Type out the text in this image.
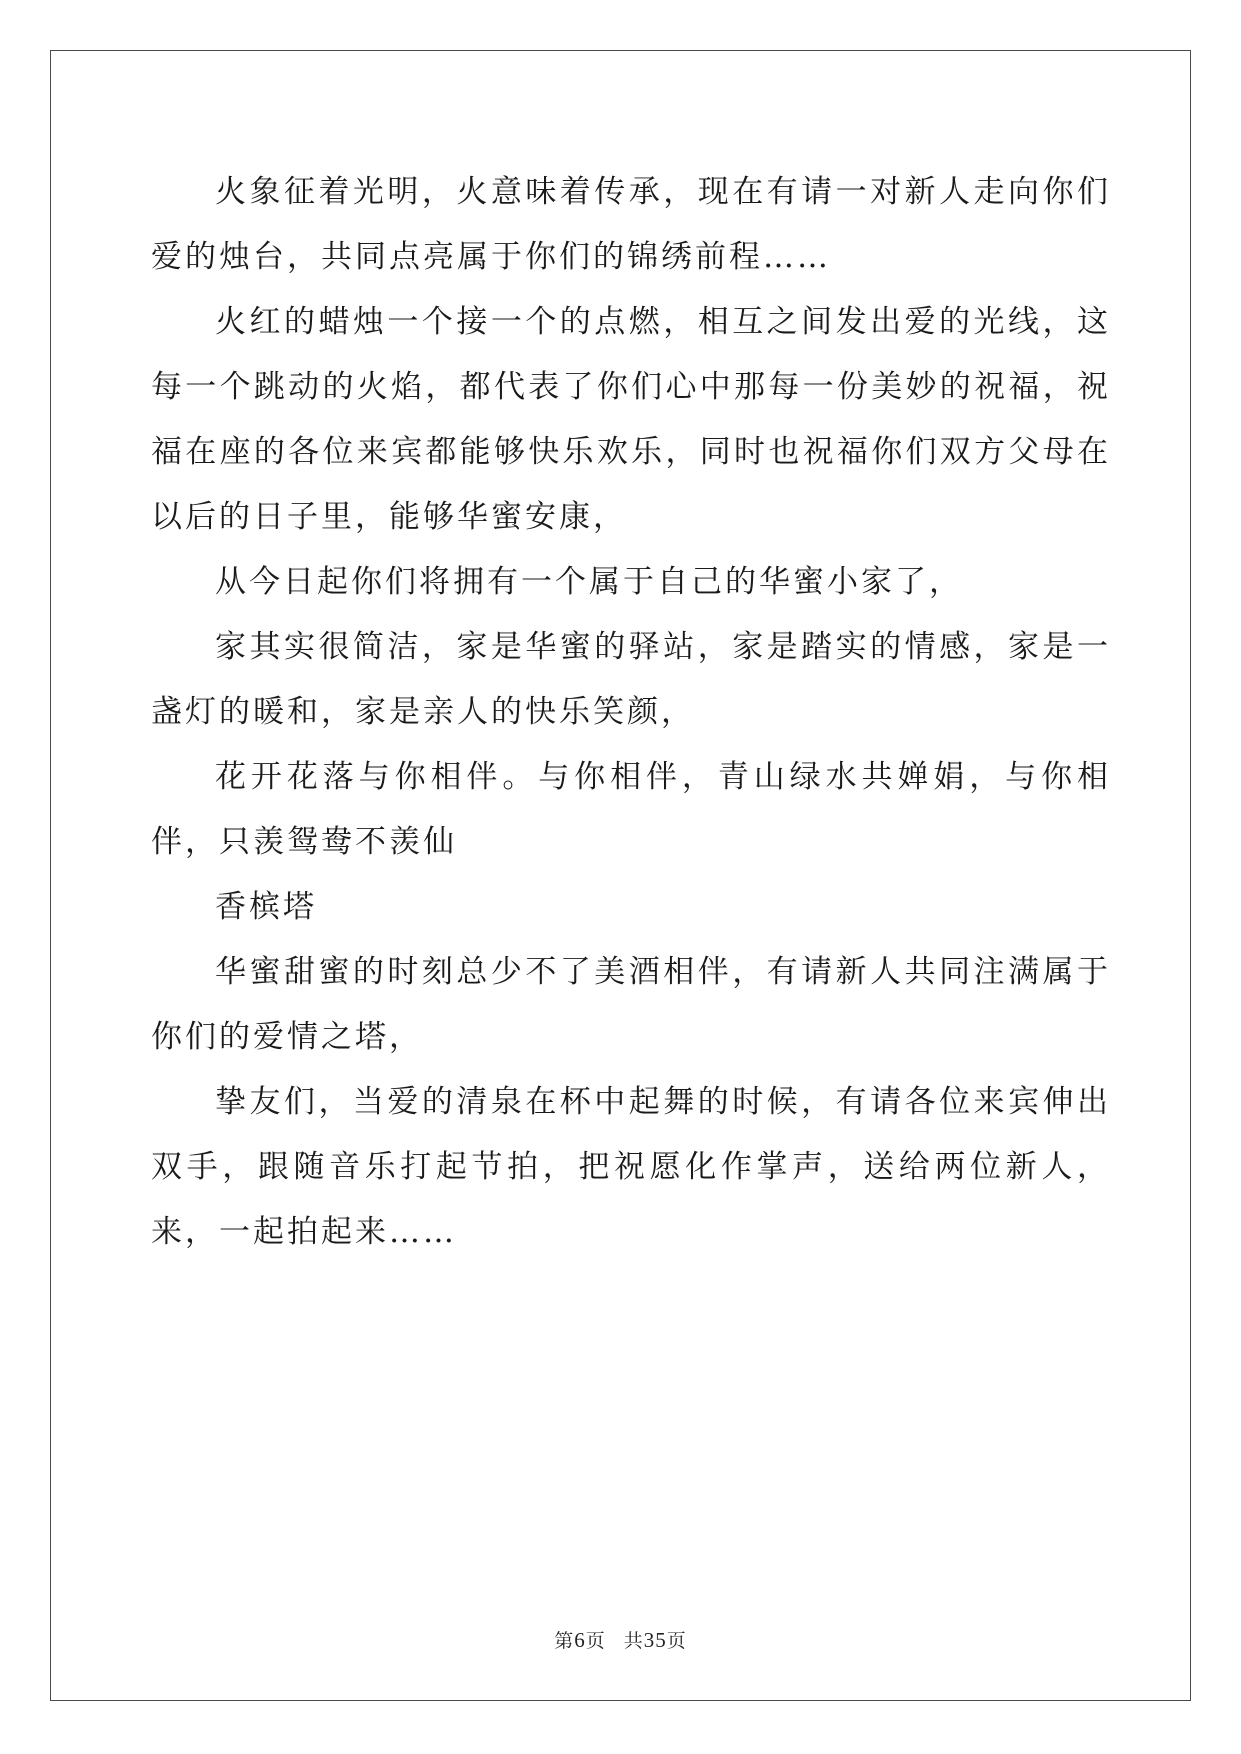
火象征着光明，火意味着传承，现在有请一对新人走向你们爱的烛台，共同点亮属于你们的锦绣前程……

火红的蜡烛一个接一个的点燃，相互之间发出爱的光线，这每一个跳动的火焰，都代表了你们心中那每一份美妙的祝福，祝福在座的各位来宾都能够快乐欢乐，同时也祝福你们双方父母在以后的日子里，能够华蜜安康，

从今日起你们将拥有一个属于自己的华蜜小家了，

家其实很简洁，家是华蜜的驿站，家是踏实的情感，家是一盏灯的暖和，家是亲人的快乐笑颜，

花开花落与你相伴。与你相伴，青山绿水共婵娟，与你相伴，只羡鸳鸯不羡仙

香槟塔

华蜜甜蜜的时刻总少不了美酒相伴，有请新人共同注满属于你们的爱情之塔，

挚友们，当爱的清泉在杯中起舞的时候，有请各位来宾伸出双手，跟随音乐打起节拍，把祝愿化作掌声，送给两位新人，来，一起拍起来……

第6页 共35页
